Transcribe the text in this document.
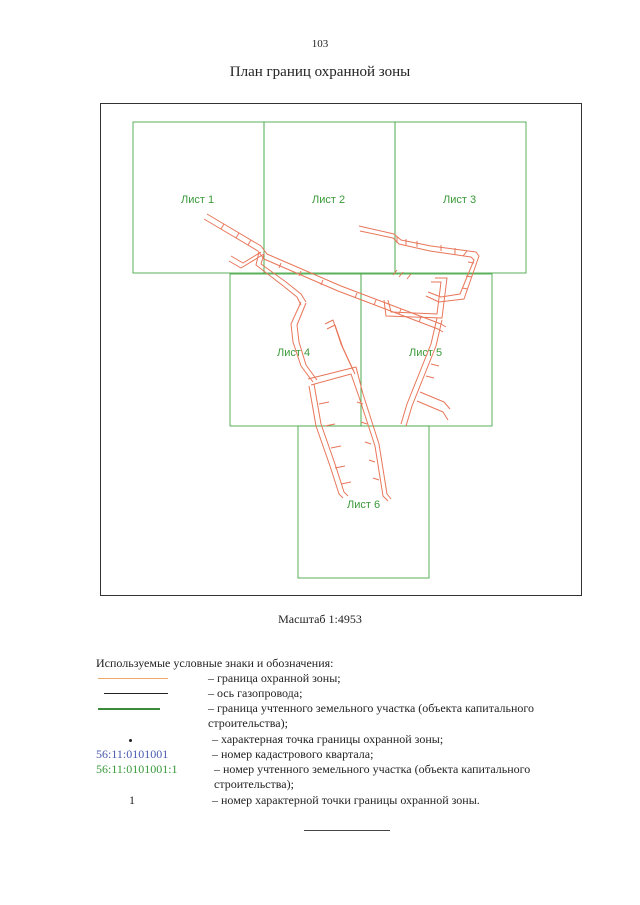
103
План границ охранной зоны
Лист 1	Лист 2	Лист 3
Лист 4	Лист 5
Лист 6
Масштаб 1:4953
Используемые условные знаки и обозначения:
– граница охранной зоны;
– ось газопровода;
– граница учтенного земельного участка (объекта капитального строительства);
– характерная точка границы охранной зоны;
56:11:0101001	– номер кадастрового квартала;
56:11:0101001:1	– номер учтенного земельного участка (объекта капитального строительства);
1	– номер характерной точки границы охранной зоны.
